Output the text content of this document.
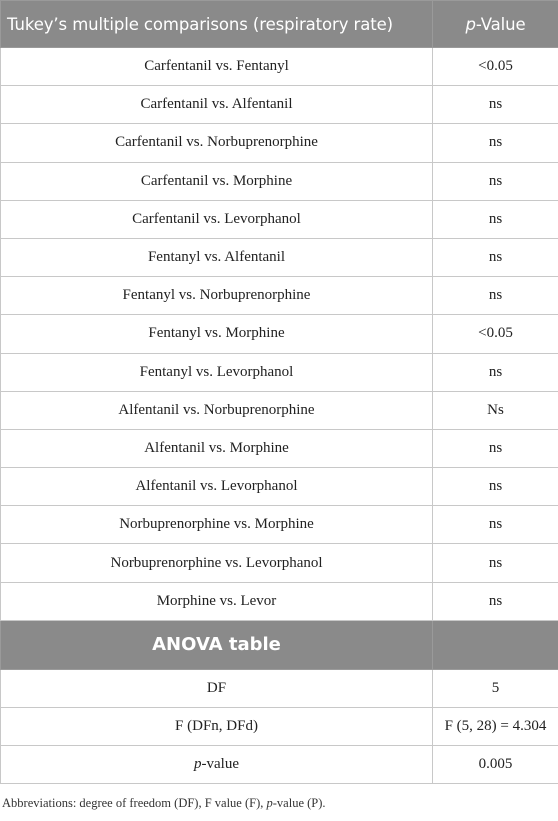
Tukey’s multiple comparisons (respiratory rate)	p-Value
Carfentanil vs. Fentanyl	<0.05
Carfentanil vs. Alfentanil	ns
Carfentanil vs. Norbuprenorphine	ns
Carfentanil vs. Morphine	ns
Carfentanil vs. Levorphanol	ns
Fentanyl vs. Alfentanil	ns
Fentanyl vs. Norbuprenorphine	ns
Fentanyl vs. Morphine	<0.05
Fentanyl vs. Levorphanol	ns
Alfentanil vs. Norbuprenorphine	Ns
Alfentanil vs. Morphine	ns
Alfentanil vs. Levorphanol	ns
Norbuprenorphine vs. Morphine	ns
Norbuprenorphine vs. Levorphanol	ns
Morphine vs. Levor	ns
ANOVA table	
DF	5
F (DFn, DFd)	F (5, 28) = 4.304
p-value	0.005
Abbreviations: degree of freedom (DF), F value (F), p-value (P).
